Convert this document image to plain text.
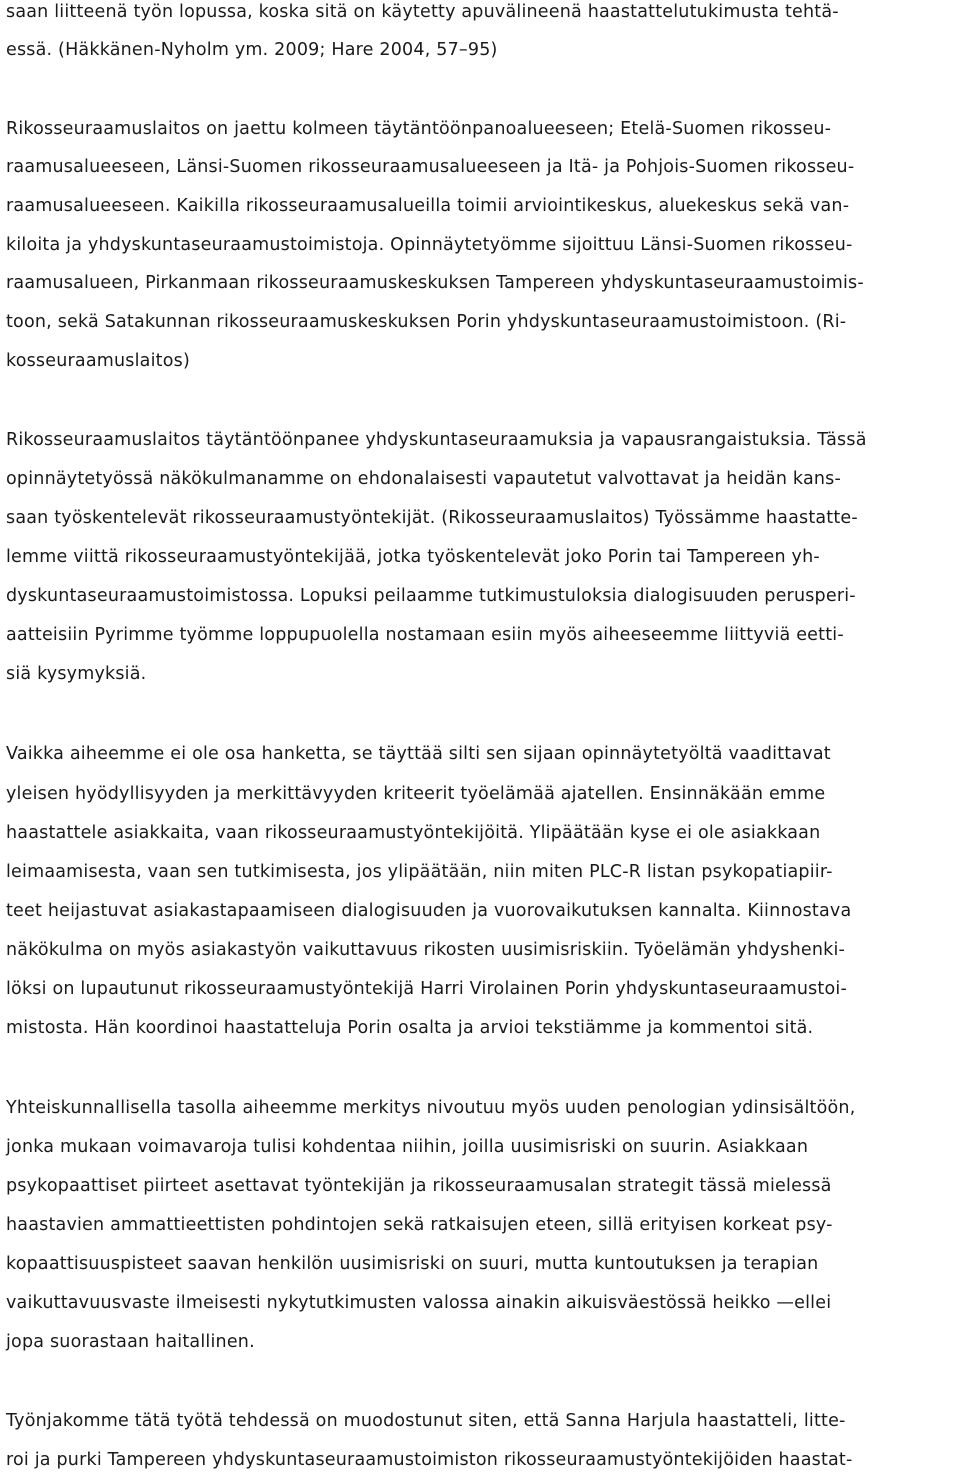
saan liitteenä työn lopussa, koska sitä on käytetty apuvälineenä haastattelutukimusta tehtä-
essä. (Häkkänen-Nyholm ym. 2009; Hare 2004, 57–95)
Rikosseuraamuslaitos on jaettu kolmeen täytäntöönpanoalueeseen; Etelä-Suomen rikosseu-
raamusalueeseen, Länsi-Suomen rikosseuraamusalueeseen ja Itä- ja Pohjois-Suomen rikosseu-
raamusalueeseen. Kaikilla rikosseuraamusalueilla toimii arviointikeskus, aluekeskus sekä van-
kiloita ja yhdyskuntaseuraamustoimistoja. Opinnäytetyömme sijoittuu Länsi-Suomen rikosseu-
raamusalueen, Pirkanmaan rikosseuraamuskeskuksen Tampereen yhdyskuntaseuraamustoimis-
toon, sekä Satakunnan rikosseuraamuskeskuksen Porin yhdyskuntaseuraamustoimistoon. (Ri-
kosseuraamuslaitos)
Rikosseuraamuslaitos täytäntöönpanee yhdyskuntaseuraamuksia ja vapausrangaistuksia. Tässä
opinnäytetyössä näkökulmanamme on ehdonalaisesti vapautetut valvottavat ja heidän kans-
saan työskentelevät rikosseuraamustyöntekijät. (Rikosseuraamuslaitos) Työssämme haastatte-
lemme viittä rikosseuraamustyöntekijää, jotka työskentelevät joko Porin tai Tampereen yh-
dyskuntaseuraamustoimistossa. Lopuksi peilaamme tutkimustuloksia dialogisuuden perusperi-
aatteisiin Pyrimme työmme loppupuolella nostamaan esiin myös aiheeseemme liittyviä eetti-
siä kysymyksiä.
Vaikka aiheemme ei ole osa hanketta, se täyttää silti sen sijaan opinnäytetyöltä vaadittavat
yleisen hyödyllisyyden ja merkittävyyden kriteerit työelämää ajatellen. Ensinnäkään emme
haastattele asiakkaita, vaan rikosseuraamustyöntekijöitä. Ylipäätään kyse ei ole asiakkaan
leimaamisesta, vaan sen tutkimisesta, jos ylipäätään, niin miten PLC-R listan psykopatiapiir-
teet heijastuvat asiakastapaamiseen dialogisuuden ja vuorovaikutuksen kannalta. Kiinnostava
näkökulma on myös asiakastyön vaikuttavuus rikosten uusimisriskiin. Työelämän yhdyshenki-
löksi on lupautunut rikosseuraamustyöntekijä Harri Virolainen Porin yhdyskuntaseuraamustoi-
mistosta. Hän koordinoi haastatteluja Porin osalta ja arvioi tekstiämme ja kommentoi sitä.
Yhteiskunnallisella tasolla aiheemme merkitys nivoutuu myös uuden penologian ydinsisältöön,
jonka mukaan voimavaroja tulisi kohdentaa niihin, joilla uusimisriski on suurin. Asiakkaan
psykopaattiset piirteet asettavat työntekijän ja rikosseuraamusalan strategit tässä mielessä
haastavien ammattieettisten pohdintojen sekä ratkaisujen eteen, sillä erityisen korkeat psy-
kopaattisuuspisteet saavan henkilön uusimisriski on suuri, mutta kuntoutuksen ja terapian
vaikuttavuusvaste ilmeisesti nykytutkimusten valossa ainakin aikuisväestössä heikko —ellei
jopa suorastaan haitallinen.
Työnjakomme tätä työtä tehdessä on muodostunut siten, että Sanna Harjula haastatteli, litte-
roi ja purki Tampereen yhdyskuntaseuraamustoimiston rikosseuraamustyöntekijöiden haastat-
